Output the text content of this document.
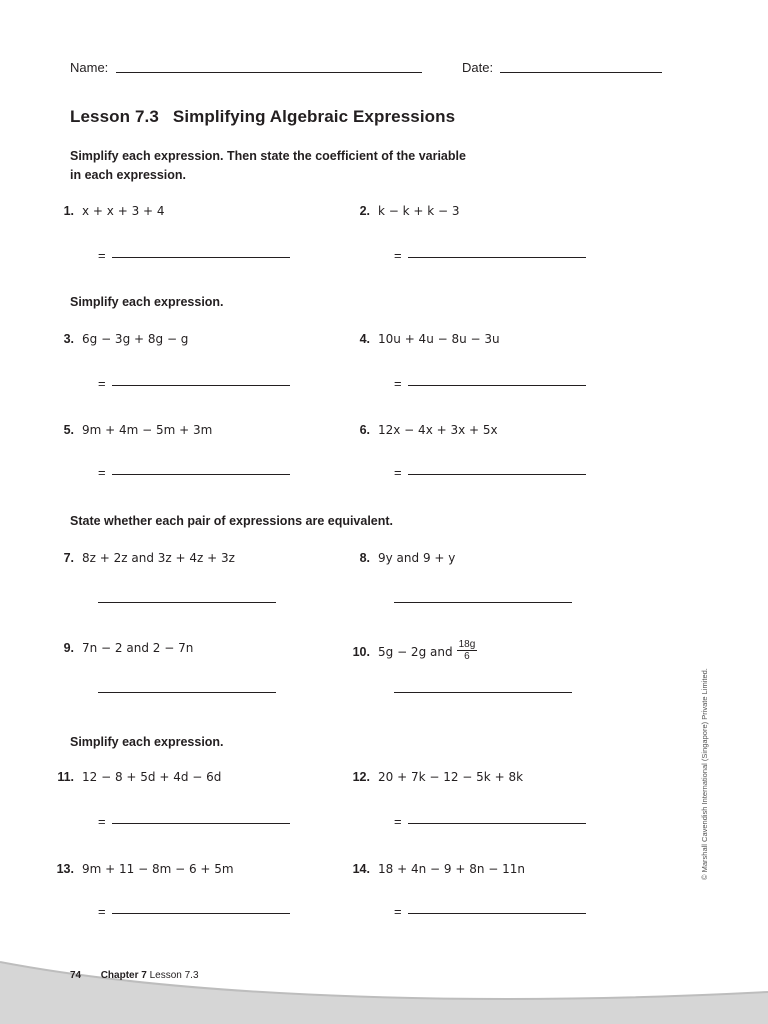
Name:	Date:
Lesson 7.3 Simplifying Algebraic Expressions
Simplify each expression. Then state the coefficient of the variable
in each expression.
1. x + x + 3 + 4	2. k − k + k − 3
=	=
Simplify each expression.
3. 6g − 3g + 8g − g	4. 10u + 4u − 8u − 3u
=	=
5. 9m + 4m − 5m + 3m	6. 12x − 4x + 3x + 5x
=	=
State whether each pair of expressions are equivalent.
7. 8z + 2z and 3z + 4z + 3z	8. 9y and 9 + y
9. 7n − 2 and 2 − 7n	10. 5g − 2g and $\frac{18g}{6}$
Simplify each expression.
11. 12 − 8 + 5d + 4d − 6d	12. 20 + 7k − 12 − 5k + 8k
=	=
13. 9m + 11 − 8m − 6 + 5m	14. 18 + 4n − 9 + 8n − 11n
=	=
© Marshall Cavendish International (Singapore) Private Limited.
74 Chapter 7 Lesson 7.3
